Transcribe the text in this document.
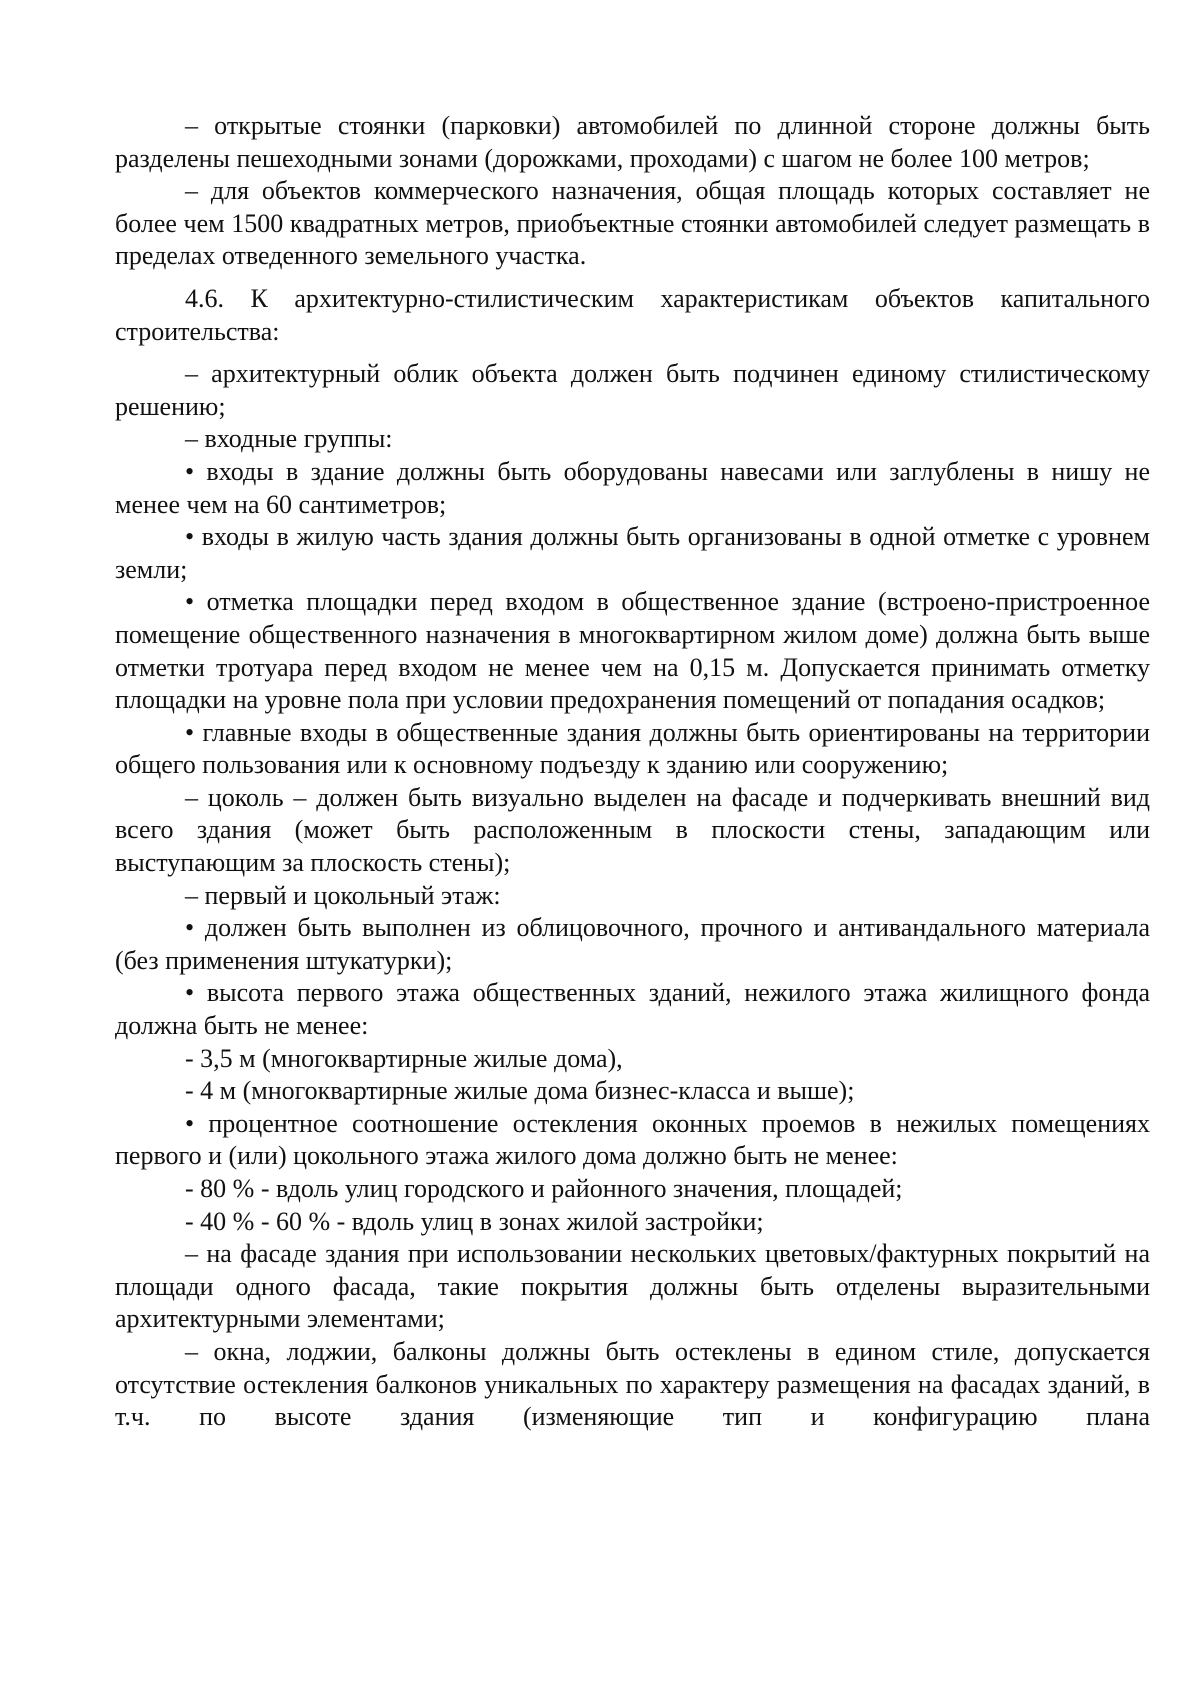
– открытые стоянки (парковки) автомобилей по длинной стороне должны быть разделены пешеходными зонами (дорожками, проходами) с шагом не более 100 метров;

– для объектов коммерческого назначения, общая площадь которых составляет не более чем 1500 квадратных метров, приобъектные стоянки автомобилей следует размещать в пределах отведенного земельного участка.

4.6. К архитектурно-стилистическим характеристикам объектов капитального строительства:

– архитектурный облик объекта должен быть подчинен единому стилистическому решению;

– входные группы:

• входы в здание должны быть оборудованы навесами или заглублены в нишу не менее чем на 60 сантиметров;

• входы в жилую часть здания должны быть организованы в одной отметке с уровнем земли;

• отметка площадки перед входом в общественное здание (встроено-пристроенное помещение общественного назначения в многоквартирном жилом доме) должна быть выше отметки тротуара перед входом не менее чем на 0,15 м. Допускается принимать отметку площадки на уровне пола при условии предохранения помещений от попадания осадков;

• главные входы в общественные здания должны быть ориентированы на территории общего пользования или к основному подъезду к зданию или сооружению;

– цоколь – должен быть визуально выделен на фасаде и подчеркивать внешний вид всего здания (может быть расположенным в плоскости стены, западающим или выступающим за плоскость стены);

– первый и цокольный этаж:

• должен быть выполнен из облицовочного, прочного и антивандального материала (без применения штукатурки);

• высота первого этажа общественных зданий, нежилого этажа жилищного фонда должна быть не менее:

- 3,5 м (многоквартирные жилые дома),

- 4 м (многоквартирные жилые дома бизнес-класса и выше);

• процентное соотношение остекления оконных проемов в нежилых помещениях первого и (или) цокольного этажа жилого дома должно быть не менее:

- 80 % - вдоль улиц городского и районного значения, площадей;

- 40 % - 60 % - вдоль улиц в зонах жилой застройки;

– на фасаде здания при использовании нескольких цветовых/фактурных покрытий на площади одного фасада, такие покрытия должны быть отделены выразительными архитектурными элементами;

– окна, лоджии, балконы должны быть остеклены в едином стиле, допускается отсутствие остекления балконов уникальных по характеру размещения на фасадах зданий, в т.ч. по высоте здания (изменяющие тип и конфигурацию плана
